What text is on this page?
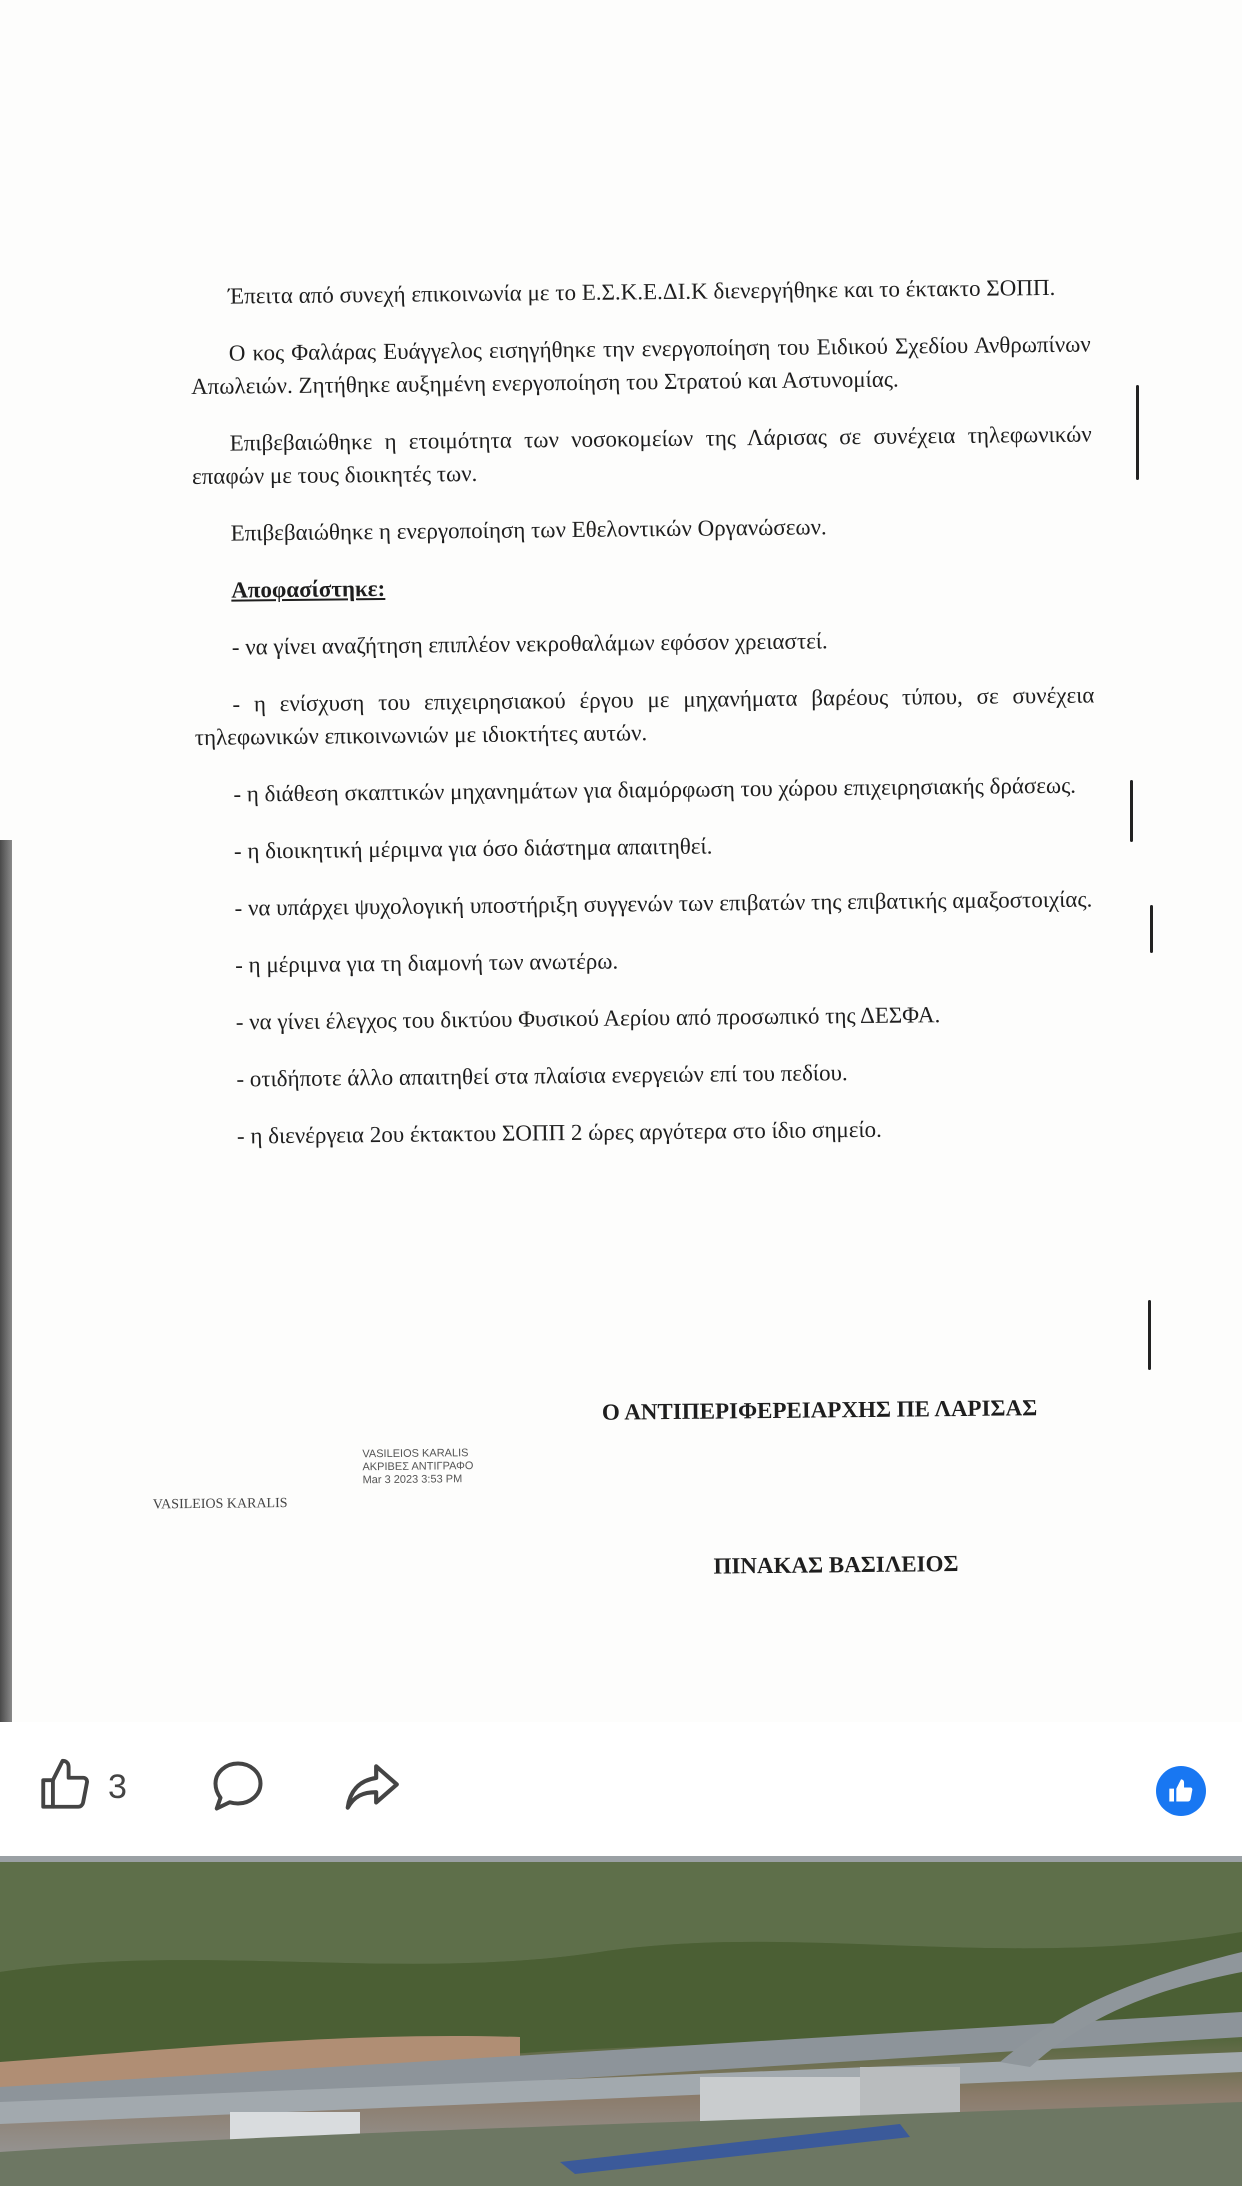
Έπειτα από συνεχή επικοινωνία με το Ε.Σ.Κ.Ε.ΔΙ.Κ διενεργήθηκε και το έκτακτο ΣΟΠΠ.

Ο κος Φαλάρας Ευάγγελος εισηγήθηκε την ενεργοποίηση του Ειδικού Σχεδίου Ανθρωπίνων Απωλειών. Ζητήθηκε αυξημένη ενεργοποίηση του Στρατού και Αστυνομίας.

Επιβεβαιώθηκε η ετοιμότητα των νοσοκομείων της Λάρισας σε συνέχεια τηλεφωνικών επαφών με τους διοικητές των.

Επιβεβαιώθηκε η ενεργοποίηση των Εθελοντικών Οργανώσεων.

Αποφασίστηκε:

- να γίνει αναζήτηση επιπλέον νεκροθαλάμων εφόσον χρειαστεί.

- η ενίσχυση του επιχειρησιακού έργου με μηχανήματα βαρέους τύπου, σε συνέχεια τηλεφωνικών επικοινωνιών με ιδιοκτήτες αυτών.

- η διάθεση σκαπτικών μηχανημάτων για διαμόρφωση του χώρου επιχειρησιακής δράσεως.

- η διοικητική μέριμνα για όσο διάστημα απαιτηθεί.

- να υπάρχει ψυχολογική υποστήριξη συγγενών των επιβατών της επιβατικής αμαξοστοιχίας.

- η μέριμνα για τη διαμονή των ανωτέρω.

- να γίνει έλεγχος του δικτύου Φυσικού Αερίου από προσωπικό της ΔΕΣΦΑ.

- οτιδήποτε άλλο απαιτηθεί στα πλαίσια ενεργειών επί του πεδίου.

- η διενέργεια 2ου έκτακτου ΣΟΠΠ 2 ώρες αργότερα στο ίδιο σημείο.

Ο ΑΝΤΙΠΕΡΙΦΕΡΕΙΑΡΧΗΣ ΠΕ ΛΑΡΙΣΑΣ
VASILEIOS KARALIS
ΑΚΡΙΒΕΣ ΑΝΤΙΓΡΑΦΟ
Mar 3 2023 3:53 PM
VASILEIOS KARALIS
ΠΙΝΑΚΑΣ ΒΑΣΙΛΕΙΟΣ
3
